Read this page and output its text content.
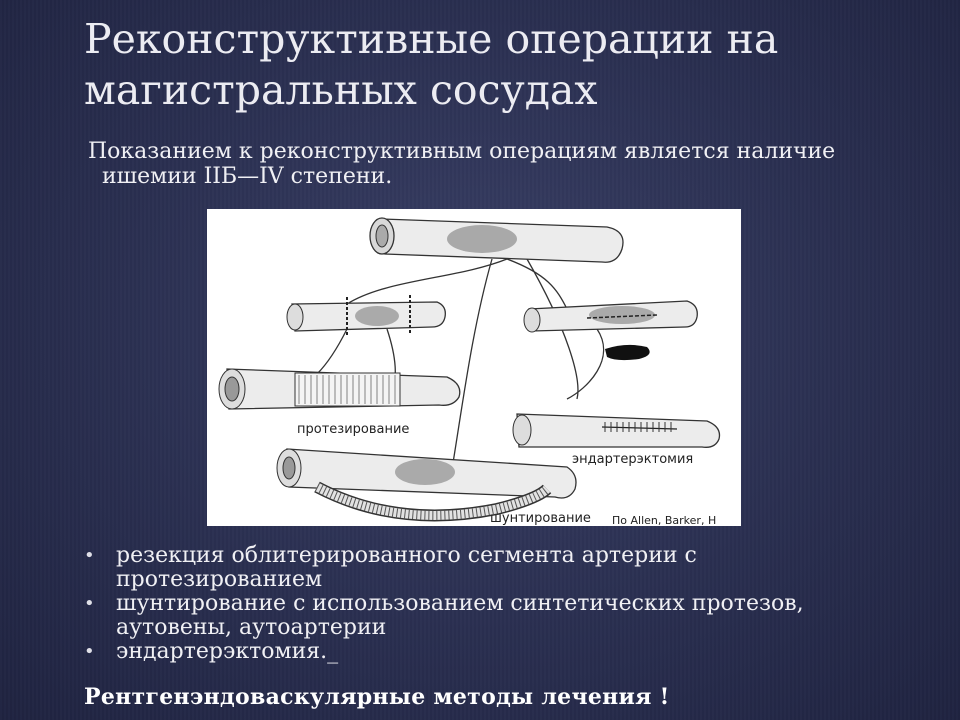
Реконструктивные операции на магистральных сосудах
Показанием к реконструктивным операциям является наличие
ишемии IIБ—IV степени.
протезирование
эндартерэктомия
шунтирование По Allen, Barker, H
• резекция облитерированного сегмента артерии с протезированием
• шунтирование с использованием синтетических протезов, аутовены, аутоартерии
• эндартерэктомия._
Рентгенэндоваскулярные методы лечения !
